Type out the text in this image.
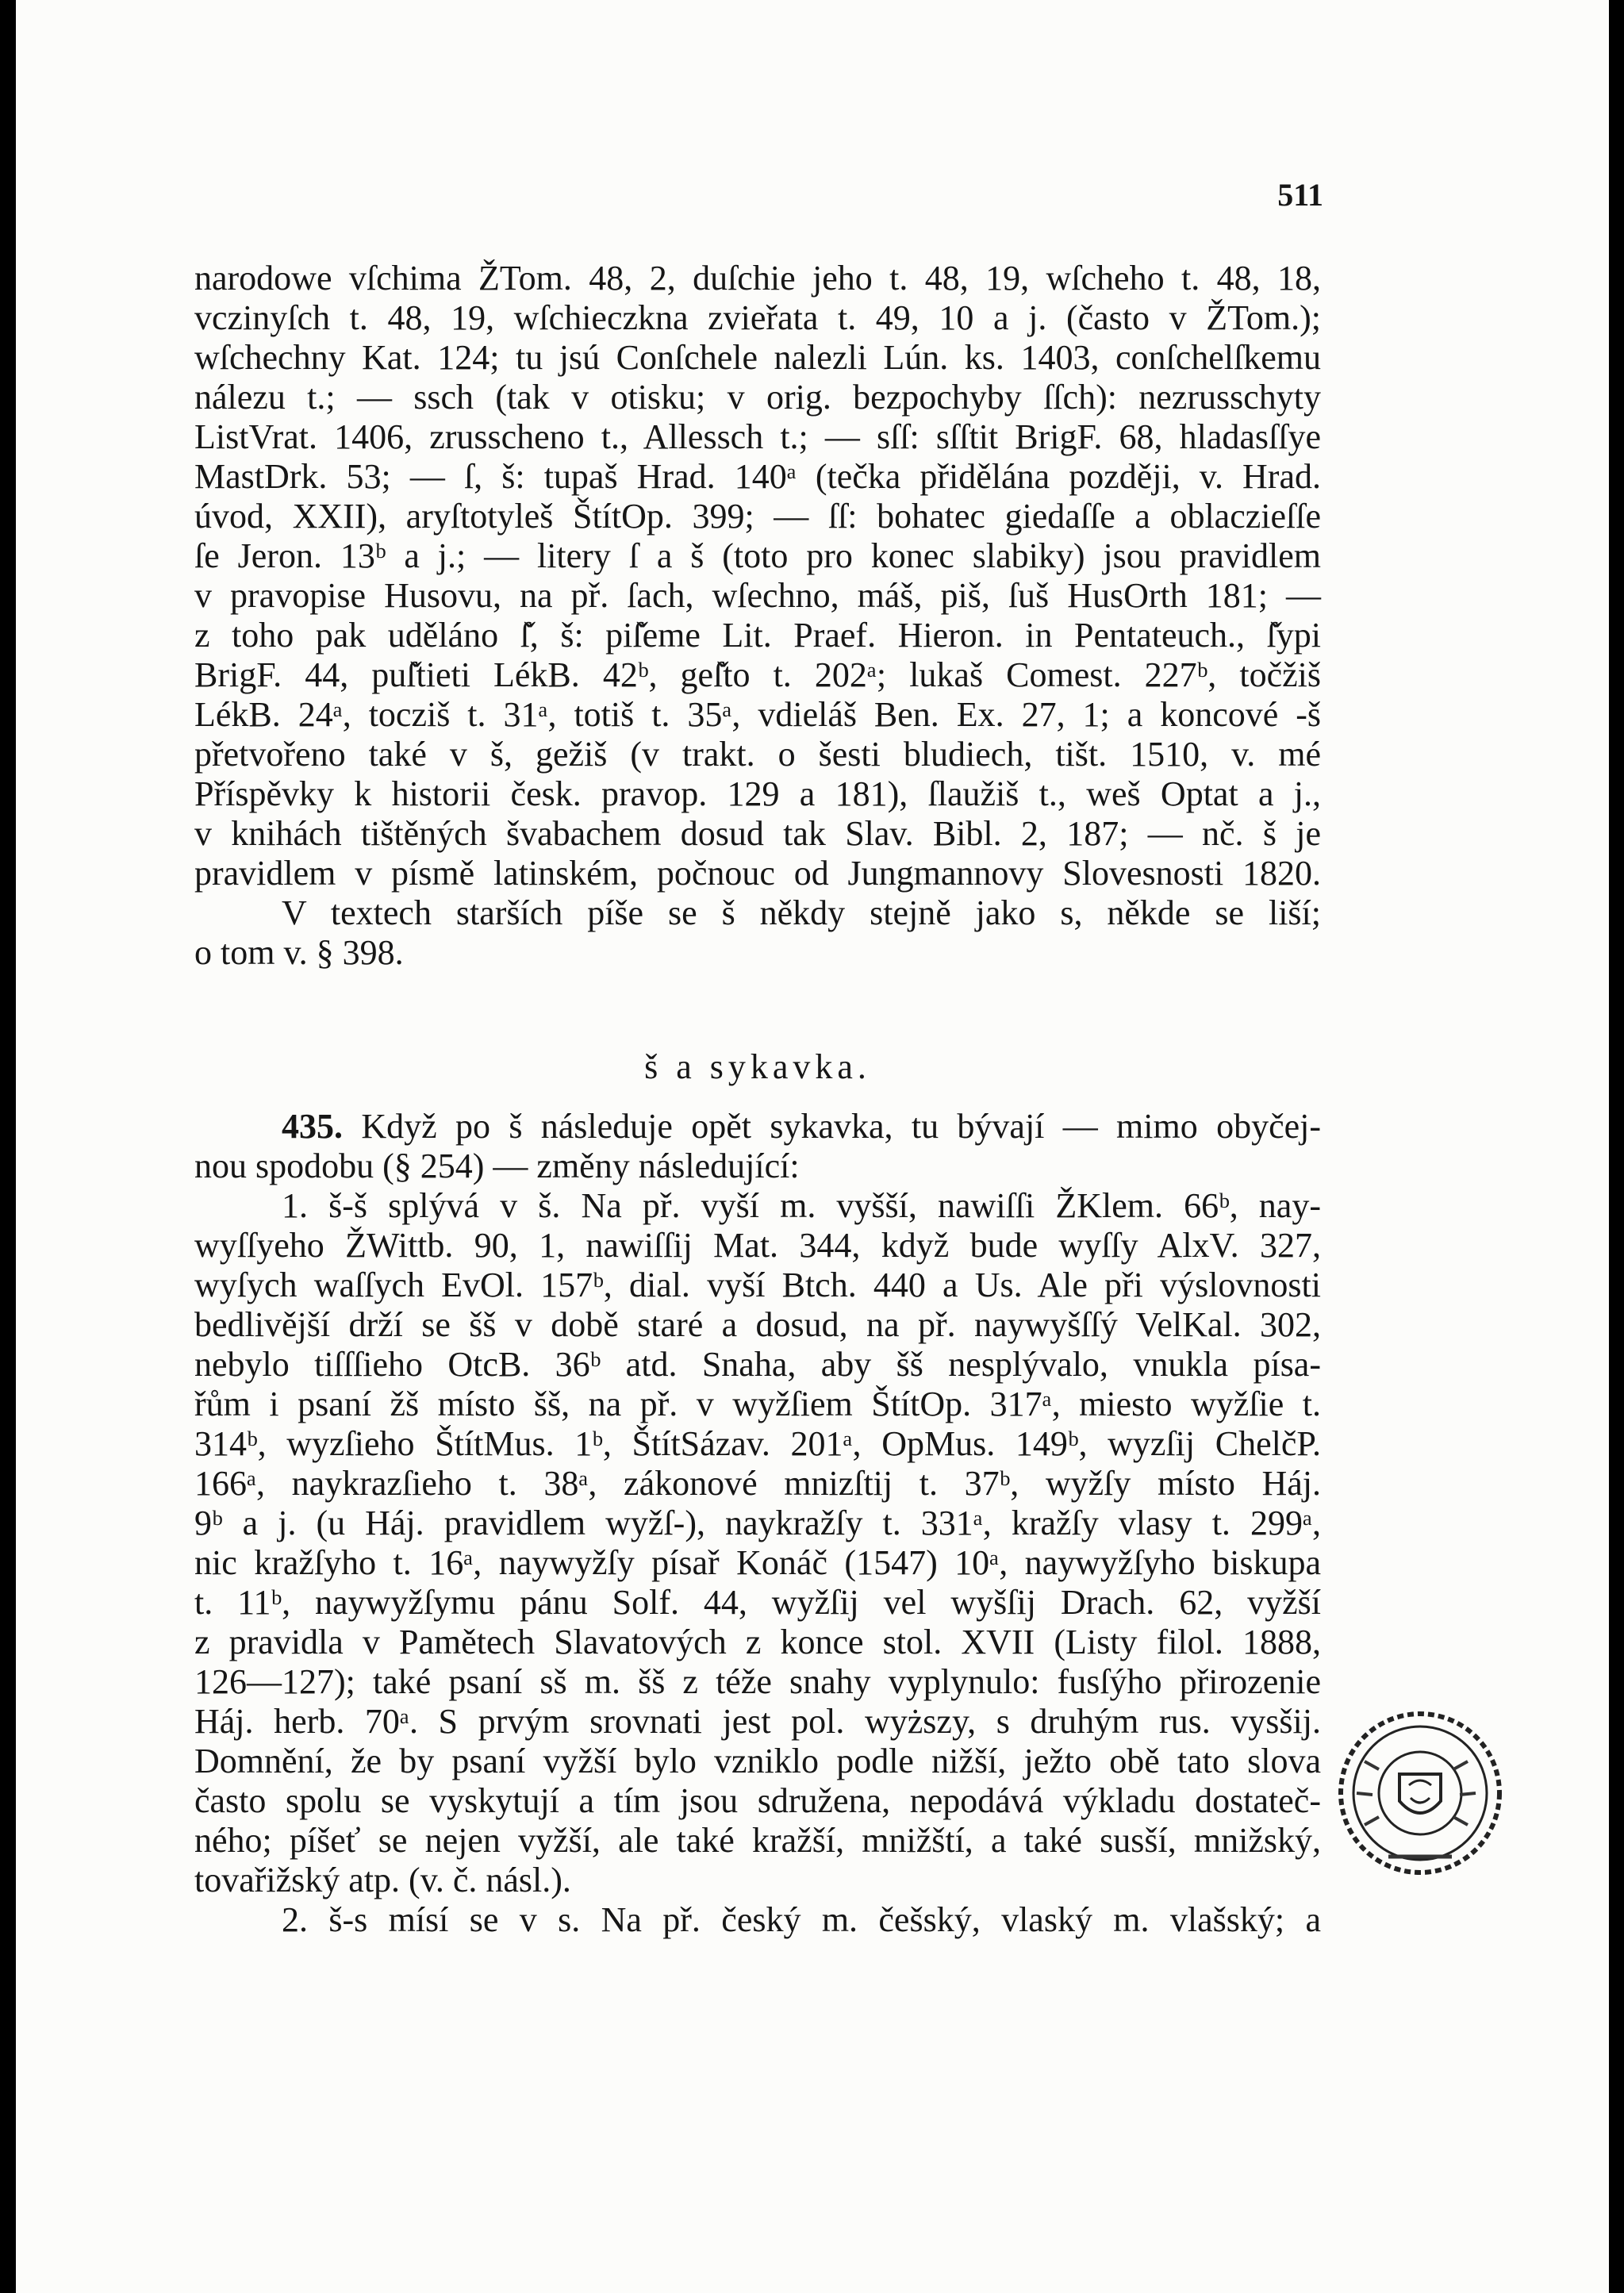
511
narodowe vſchima ŽTom. 48, 2, duſchie jeho t. 48, 19, wſcheho t. 48, 18,
vczinyſch t. 48, 19, wſchieczkna zvieřata t. 49, 10 a j. (často v ŽTom.);
wſchechny Kat. 124; tu jsú Conſchele nalezli Lún. ks. 1403, conſchelſkemu
nálezu t.; — ssch (tak v otisku; v orig. bezpochyby ſſch): nezrusschyty
ListVrat. 1406, zrusscheno t., Allessch t.; — sſſ: sſſtit BrigF. 68, hladasſſye
MastDrk. 53; — ſ, š: tupaš Hrad. 140ᵃ (tečka přidělána později, v. Hrad.
úvod, XXII), aryſtotyleš ŠtítOp. 399; — ſſ: bohatec giedaſſe a oblaczieſſe
ſe Jeron. 13ᵇ a j.; — litery ſ a š (toto pro konec slabiky) jsou pravidlem
v pravopise Husovu, na př. ſach, wſechno, máš, piš, ſuš HusOrth 181; —
z toho pak uděláno ſ̌, š: piſ̌eme Lit. Praef. Hieron. in Pentateuch., ſ̌ypi
BrigF. 44, puſ̌tieti LékB. 42ᵇ, geſ̌to t. 202ᵃ; lukaš Comest. 227ᵇ, točžiš
LékB. 24ᵃ, tocziš t. 31ᵃ, totiš t. 35ᵃ, vdieláš Ben. Ex. 27, 1; a koncové -š
přetvořeno také v š, gežiš (v trakt. o šesti bludiech, tišt. 1510, v. mé
Příspěvky k historii česk. pravop. 129 a 181), ſlaužiš t., weš Optat a j.,
v knihách tištěných švabachem dosud tak Slav. Bibl. 2, 187; — nč. š je
pravidlem v písmě latinském, počnouc od Jungmannovy Slovesnosti 1820.
V textech starších píše se š někdy stejně jako s, někde se liší;
o tom v. § 398.
š a sykavka.
435. Když po š následuje opět sykavka, tu bývají — mimo obyčej-
nou spodobu (§ 254) — změny následující:
1. š-š splývá v š. Na př. vyší m. vyšší, nawiſſi ŽKlem. 66ᵇ, nay-
wyſſyeho ŽWittb. 90, 1, nawiſſij Mat. 344, když bude wyſſy AlxV. 327,
wyſych waſſych EvOl. 157ᵇ, dial. vyší Btch. 440 a Us. Ale při výslovnosti
bedlivější drží se šš v době staré a dosud, na př. naywyšſſý VelKal. 302,
nebylo tiſſſieho OtcB. 36ᵇ atd. Snaha, aby šš nesplývalo, vnukla písa-
řům i psaní žš místo šš, na př. v wyžſiem ŠtítOp. 317ᵃ, miesto wyžſie t.
314ᵇ, wyzſieho ŠtítMus. 1ᵇ, ŠtítSázav. 201ᵃ, OpMus. 149ᵇ, wyzſij ChelčP.
166ᵃ, naykrazſieho t. 38ᵃ, zákonové mnizſtij t. 37ᵇ, wyžſy místo Háj.
9ᵇ a j. (u Háj. pravidlem wyžſ-), naykražſy t. 331ᵃ, kražſy vlasy t. 299ᵃ,
nic kražſyho t. 16ᵃ, naywyžſy písař Konáč (1547) 10ᵃ, naywyžſyho biskupa
t. 11ᵇ, naywyžſymu pánu Solf. 44, wyžſij vel wyšſij Drach. 62, vyžší
z pravidla v Pamětech Slavatových z konce stol. XVII (Listy filol. 1888,
126—127); také psaní sš m. šš z téže snahy vyplynulo: fusſýho přirozenie
Háj. herb. 70ᵃ. S prvým srovnati jest pol. wyższy, s druhým rus. vysšij.
Domnění, že by psaní vyžší bylo vzniklo podle nižší, ježto obě tato slova
často spolu se vyskytují a tím jsou sdružena, nepodává výkladu dostateč-
ného; píšeť se nejen vyžší, ale také kražší, mnižští, a také susší, mnižský,
tovařižský atp. (v. č. násl.).
2. š-s mísí se v s. Na př. český m. češský, vlaský m. vlašský; a
